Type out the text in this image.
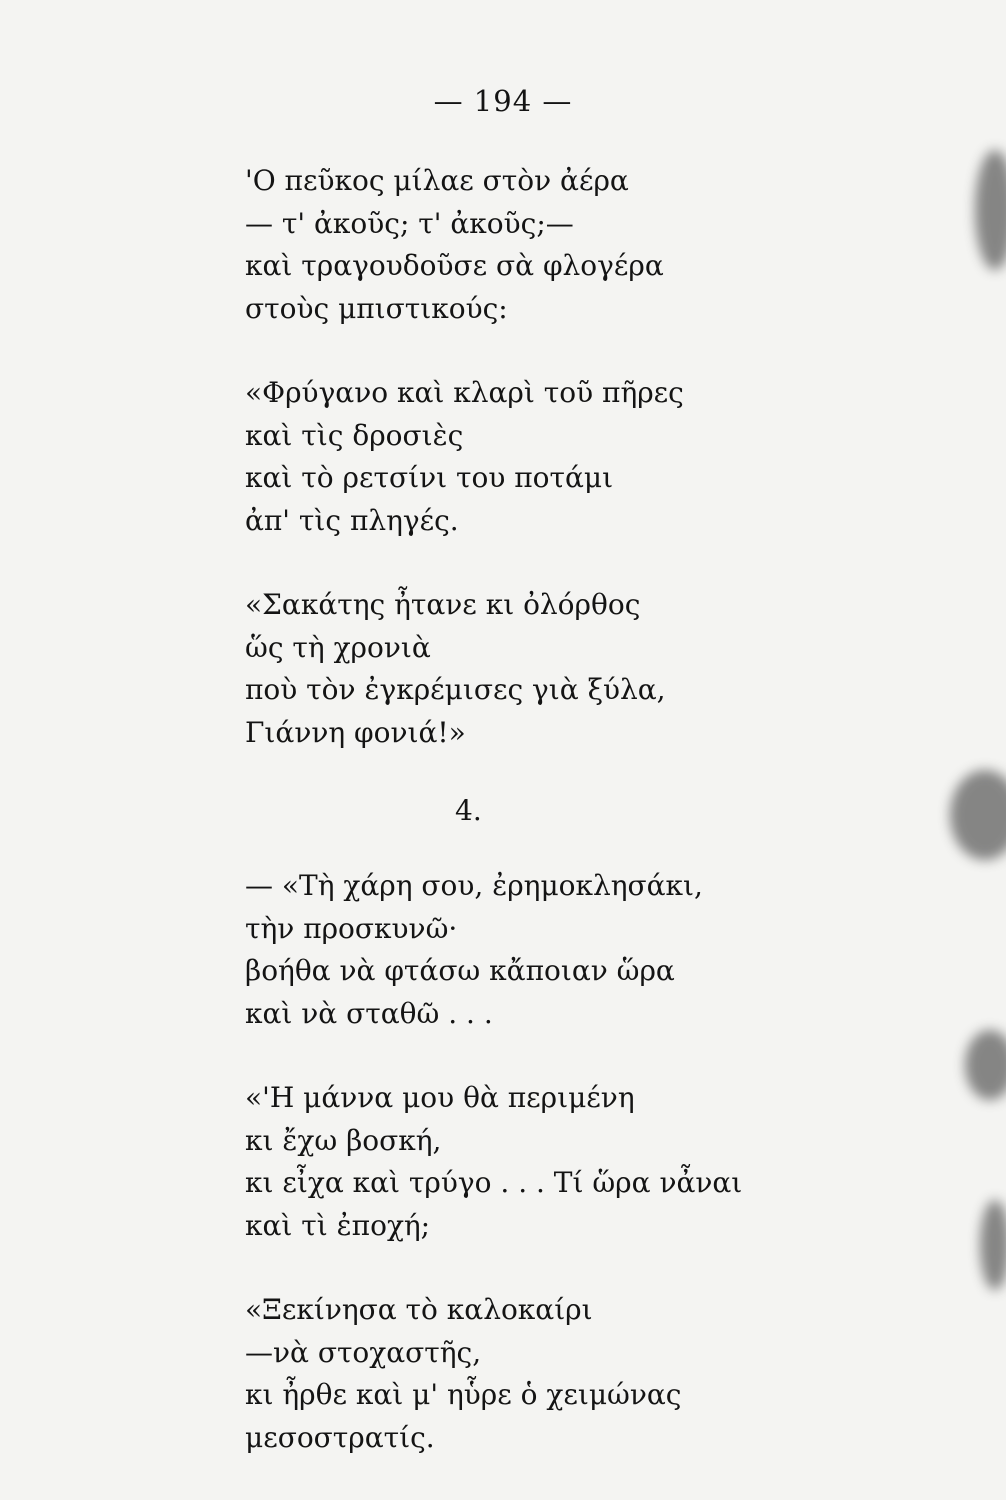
— 194 —
'Ο πεῦκος μίλαε στὸν ἀέρα
— τ' ἀκοῦς; τ' ἀκοῦς;—
καὶ τραγουδοῦσε σὰ φλογέρα
στοὺς μπιστικούς:
«Φρύγανο καὶ κλαρὶ τοῦ πῆρες
καὶ τὶς δροσιὲς
καὶ τὸ ρετσίνι του ποτάμι
ἀπ' τὶς πληγές.
«Σακάτης ἦτανε κι ὀλόρθος
ὥς τὴ χρονιὰ
ποὺ τὸν ἐγκρέμισες γιὰ ξύλα,
Γιάννη φονιά!»
4.
— «Τὴ χάρη σου, ἐρημοκλησάκι,
τὴν προσκυνῶ·
βοήθα νὰ φτάσω κἄποιαν ὥρα
καὶ νὰ σταθῶ . . .
«'Η μάννα μου θὰ περιμένη
κι ἔχω βοσκή,
κι εἶχα καὶ τρύγο . . . Τί ὥρα νἆναι
καὶ τὶ ἐποχή;
«Ξεκίνησα τὸ καλοκαίρι
—νὰ στοχαστῆς,
κι ἦρθε καὶ μ' ηὗρε ὁ χειμώνας
μεσοστρατίς.
